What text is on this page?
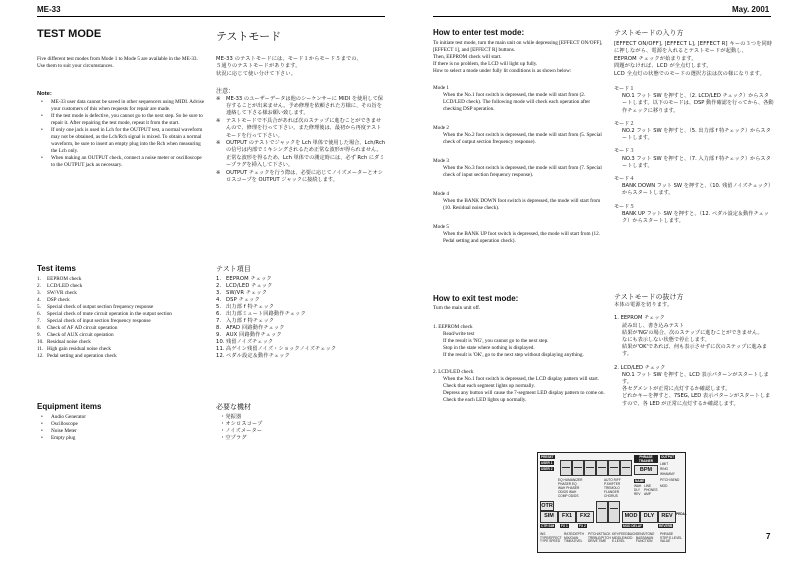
ME-33	May. 2001
TEST MODE

Five different test modes from Mode 1 to Mode 5 are available in the ME-33.

Use them to suit your circumstances.

Note:
• ME-33 user data cannot be saved in other sequencers using MIDI. Advise your customers of this when requests for repair are made.
• If the test mode is defective, you cannot go to the next step. So be sure to repair it. After repairing the test mode, repeat it from the start.
• If only one jack is used in Lch for the OUTPUT test, a normal waveform may not be obtained, as the Lch/Rch signal is mixed. To obtain a normal waveform, be sure to insert an empty plug into the Rch when measuring the Lch only.
• When making an OUTPUT check, connect a noise meter or oscilloscope to the OUTPUT jack as necessary.
Test items
1.	EEPROM check
2.	LCD/LED check
3.	SW/VR check
4.	DSP check
5.	Special check of output section frequency response
6.	Special check of mute circuit operation in the output section
7.	Special check of input section frequency response
8.	Check of AF AD circuit operation
9.	Check of AUX circuit operation
10. Residual noise check
11. High gain residual noise check
12. Pedal setting and operation check
Equipment items
• Audio Generator
• Oscilloscope
• Noise Meter
• Empty plug
テストモード
ME-33 のテストモードには、モード１からモード５までの、
５通りのテストモードがあります。
状況に応じて使い分けて下さい。
注意：
※ ME-33 のユーザーデータは他のシーケンサーに MIDI を使用して保存することが出来ません。予め修理を依頼された方様に、その旨を連絡して下さる様お願い致します。
※ テストモードで不具合があれば次のステップに進むことができませんので、修理を行って下さい。また修理後は、最初から再度テストモードを行って下さい。
※ OUTPUT のテストでジャックを Lch 単体で使用した場合、Lch/Rch の信号は内部でミキシングされるため正常な波形が得られません。正常な波形を得るため、Lch 単体での測定時には、必ず Rch にダミープラグを挿入して下さい。
※ OUTPUT チェックを行う際は、必要に応じてノイズメーターとオシロスコープを OUTPUT ジャックに接続します。
テスト項目
1. EEPROM チェック
2. LCD/LED チェック
3. SW/VR チェック
4. DSP チェック
5. 出力部 f 特チェック
6. 出力部ミュート回路動作チェック
7. 入力部 f 特チェック
8. AFAD 回路動作チェック
9. AUX 回路動作チェック
10. 残留ノイズチェック
11. 高ゲイン残留ノイズ・ショックノイズチェック
12. ペダル設定＆動作チェック
必要な機材
・発振器
・オシロスコープ
・ノイズメーター
・空プラグ
How to enter test mode:

To initiate test mode, turn the main unit on while depressing [EFFECT ON/OFF], [EFFECT 1], and [EFFECT R] buttons.

Then, EEPROM check will start.

If there is no problem, the LCD will light up fully.

How to select a mode under fully lit conditions is as shown below:

Mode 1
When the No.1 foot switch is depressed, the mode will start from (2. LCD/LED check). The following mode will check each operation after checking DSP operation.
Mode 2
When the No.2 foot switch is depressed, the mode will start from (5. Special check of output section frequency response).
Mode 3
When the No.3 foot switch is depressed, the mode will start from (7. Special check of input section frequency response).
Mode 4
When the BANK DOWN foot switch is depressed, the mode will start from (10. Residual noise check).
Mode 5
When the BANK UP foot switch is depressed, the mode will start from (12. Pedal setting and operation check).
How to exit test mode:

Turn the main unit off.

1. EEPROM check
Read/write test
If the result is 'NG', you cannot go to the next step.
Stop in the state where nothing is displayed.
If the result is 'OK', go to the next step without displaying anything.
2. LCD/LED check
When the No.1 foot switch is depressed, the LCD display pattern will start.
Check that each segment lights up normally.
Depress any button will cause the 7-segment LED display pattern to come on.
Check the each LED lights up normally.
テストモードの入り方
[EFFECT ON/OFF], [EFFECT L], [EFFECT R] キーの３つを同時に押しながら、電源を入れるとテストモードが起動し、
EEPROM チェックが始まります。
問題がなければ、LCD が全点灯します。
LCD 全点灯の状態でのモードの選択方法は次の様になります。
モード１
NO.1 フット SW を押すと、（2. LCD/LED チェック）からスタートします。以下のモードは、DSP 動作確認を行ってから、各動作チェックに移ります。
モード２
NO.2 フット SW を押すと、（5. 出力部 f 特チェック）からスタートします。
モード３
NO.3 フット SW を押すと、（7. 入力部 f 特チェック）からスタートします。
モード４
BANK DOWN フット SW を押すと、（10. 残留ノイズチェック）からスタートします。
モード５
BANK UP フット SW を押すと、（12. ペダル設定＆動作チェック）からスタートします。
テストモードの抜け方
本体の電源を切ります。
1. EEPROM チェック
読み出し、書き込みテスト
結果が'NG'の場合、次のステップに進むことができません。
なにも表示しない状態で停止します。
結果が'OK'であれば、何も表示させずに次のステップに進みます。
2. LCD/LED チェック
NO.1 フット SW を押すと、LCD 表示パターンがスタートします。
各セグメントが正常に点灯するか確認します。
どれかキーを押すと、7SEG, LED 表示パターンがスタートしますので、各 LED が正常に点灯するか確認します。
PRESET
USER 1
USER 2
PHRASE TRAINER
OUTPUT
BPM
LIMIT
RING
WHAMMY
EQ HUMANIZER
PHASER EQ
WAH PHASER
OD/DS WAH
COMP OD/DS
AUTO RIFF
P.SHIFTER
TREMOLO
FLANGER
CHORUS
NAME
WAH
DLY
REV
LINE
PHONES
AMP
PITCH BEND
MOD
OTR
SIM	FX1	FX2	MOD	DLY	REV	PEDAL
CTR SIM	FX 1	FX 2	MOD DELAY	REVERB
INS TYPE/EFFECT TYPE SPEED
RATE/DEPTH MIX/GAIN TIME/LEVEL
PITCH/ATTACK TREBLE/PITCH DRIVE TIME
KEY/FEEDBACK MIDDLE/MOD E.LEVEL
SENS/TONE BASS/MAIN FUNCTION
PHRASE STEP E.LEVEL VALUE
7
